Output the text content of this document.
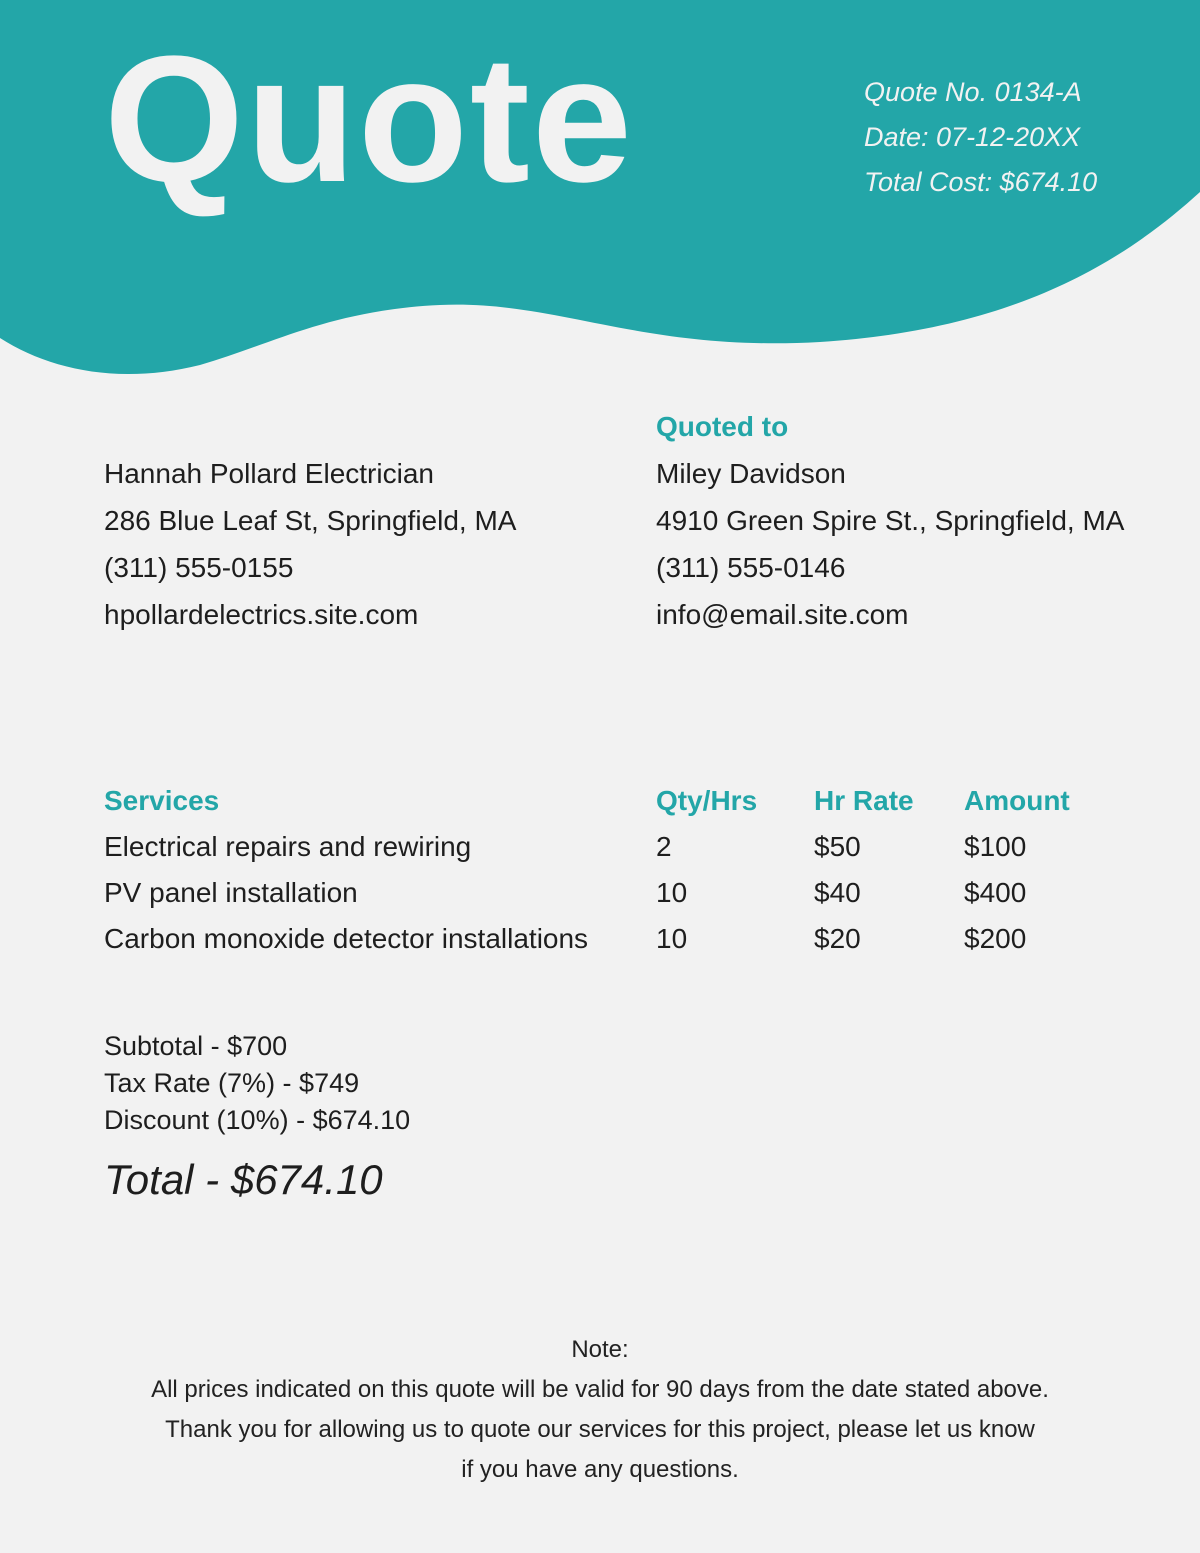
Quote	Quote No. 0134-A
Date: 07-12-20XX
Total Cost: $674.10
Hannah Pollard Electrician
286 Blue Leaf St, Springfield, MA
(311) 555-0155
hpollardelectrics.site.com
Quoted to
Miley Davidson
4910 Green Spire St., Springfield, MA
(311) 555-0146
info@email.site.com
Services	Qty/Hrs	Hr Rate	Amount
Electrical repairs and rewiring	2	$50	$100
PV panel installation	10	$40	$400
Carbon monoxide detector installations	10	$20	$200
Subtotal - $700
Tax Rate (7%) - $749
Discount (10%) - $674.10
Total - $674.10
Note:
All prices indicated on this quote will be valid for 90 days from the date stated above.
Thank you for allowing us to quote our services for this project, please let us know
if you have any questions.
